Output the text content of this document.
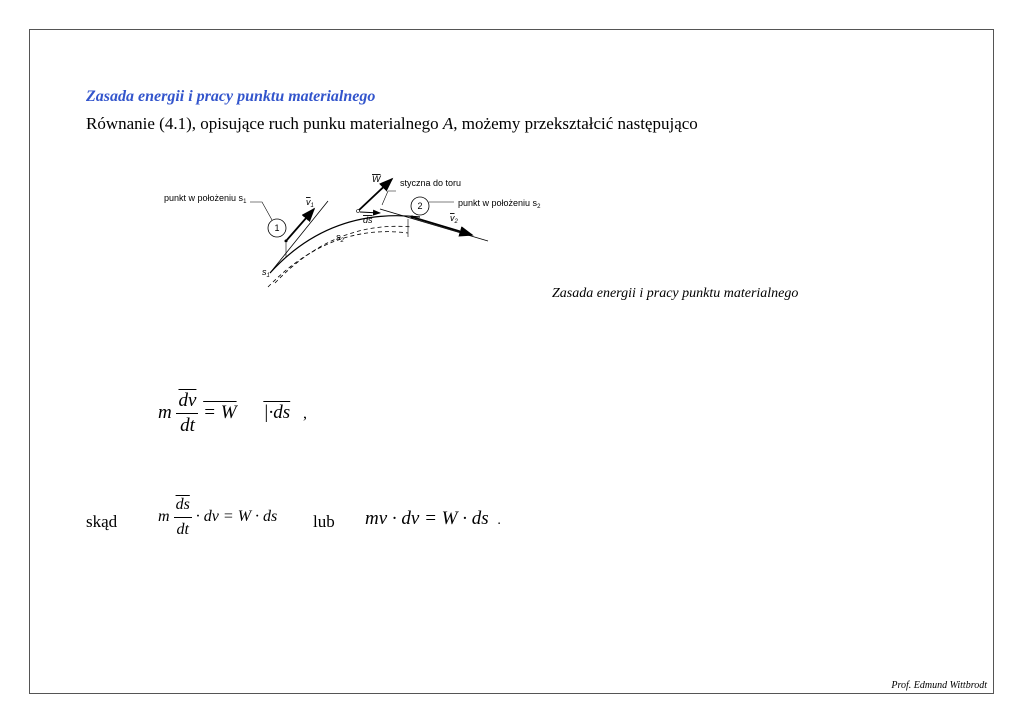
Zasada energii i pracy punktu materialnego
Równanie (4.1), opisujące ruch punku materialnego A, możemy przekształcić następująco
1
2
punkt w położeniu $s_1$	punkt w położeniu $s_2$
styczna do toru
W
$v_1$
$v_2$
ds
$s_2$
$s_1$
Zasada energii i pracy punktu materialnego
m $\frac{\overline{dv}}{dt} = W$ |·ds ,
skąd	m $\frac{\overline{ds}}{dt}$ · dv = W · ds lub mv · dv = W · ds .
Prof. Edmund Wittbrodt
